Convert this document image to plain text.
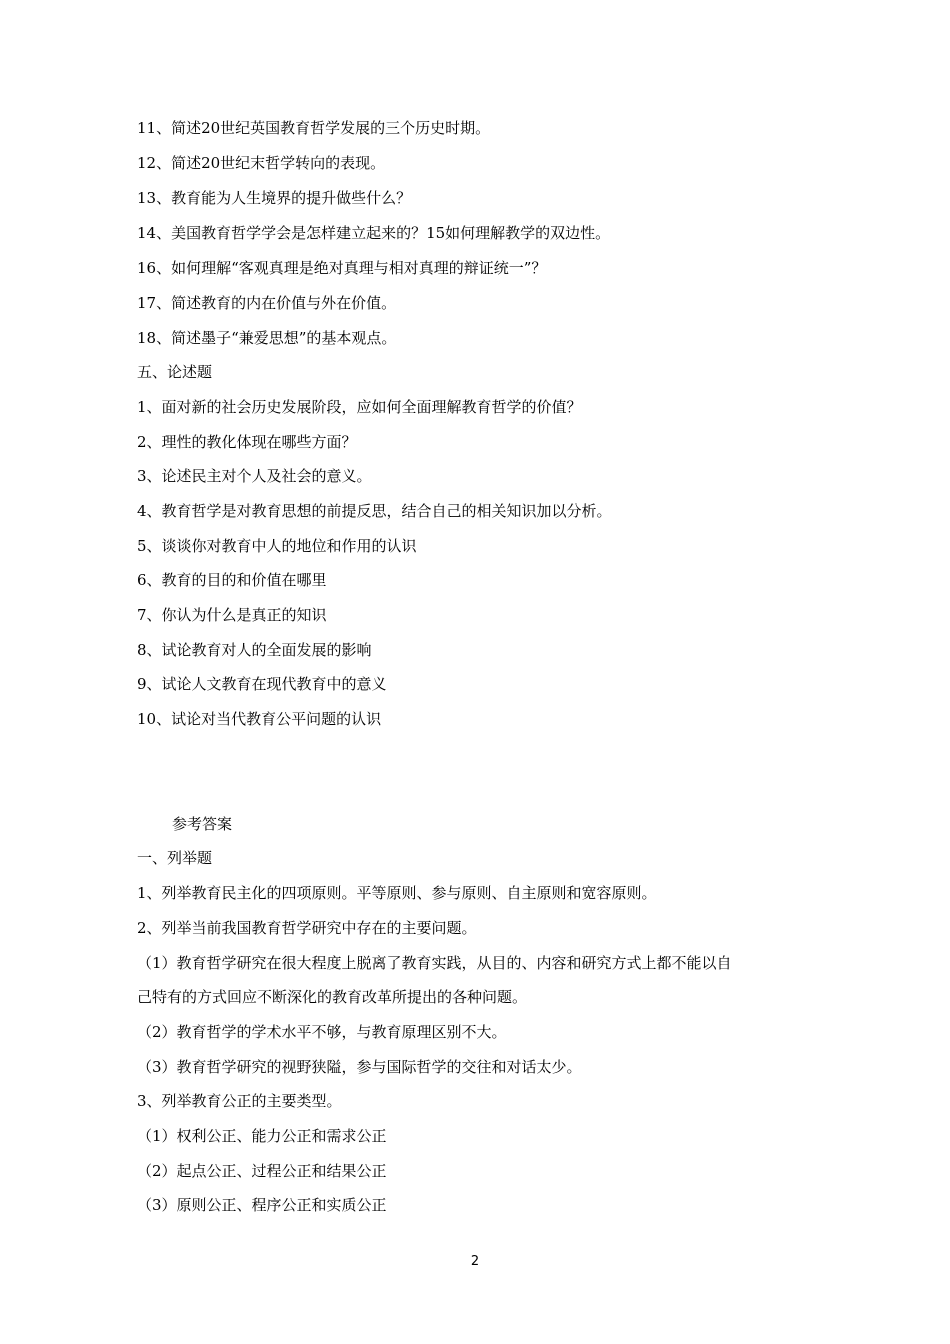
11、简述20世纪英国教育哲学发展的三个历史时期。
12、简述20世纪末哲学转向的表现。
13、教育能为人生境界的提升做些什么？
14、美国教育哲学学会是怎样建立起来的？15如何理解教学的双边性。
16、如何理解“客观真理是绝对真理与相对真理的辩证统一”？
17、简述教育的内在价值与外在价值。
18、简述墨子“兼爱思想”的基本观点。
五、论述题
1、面对新的社会历史发展阶段，应如何全面理解教育哲学的价值？
2、理性的教化体现在哪些方面？
3、论述民主对个人及社会的意义。
4、教育哲学是对教育思想的前提反思，结合自己的相关知识加以分析。
5、谈谈你对教育中人的地位和作用的认识
6、教育的目的和价值在哪里
7、你认为什么是真正的知识
8、试论教育对人的全面发展的影响
9、试论人文教育在现代教育中的意义
10、试论对当代教育公平问题的认识
参考答案
一、列举题
1、列举教育民主化的四项原则。平等原则、参与原则、自主原则和宽容原则。
2、列举当前我国教育哲学研究中存在的主要问题。
（1）教育哲学研究在很大程度上脱离了教育实践，从目的、内容和研究方式上都不能以自
己特有的方式回应不断深化的教育改革所提出的各种问题。
（2）教育哲学的学术水平不够，与教育原理区别不大。
（3）教育哲学研究的视野狭隘，参与国际哲学的交往和对话太少。
3、列举教育公正的主要类型。
（1）权利公正、能力公正和需求公正
（2）起点公正、过程公正和结果公正
（3）原则公正、程序公正和实质公正
2
